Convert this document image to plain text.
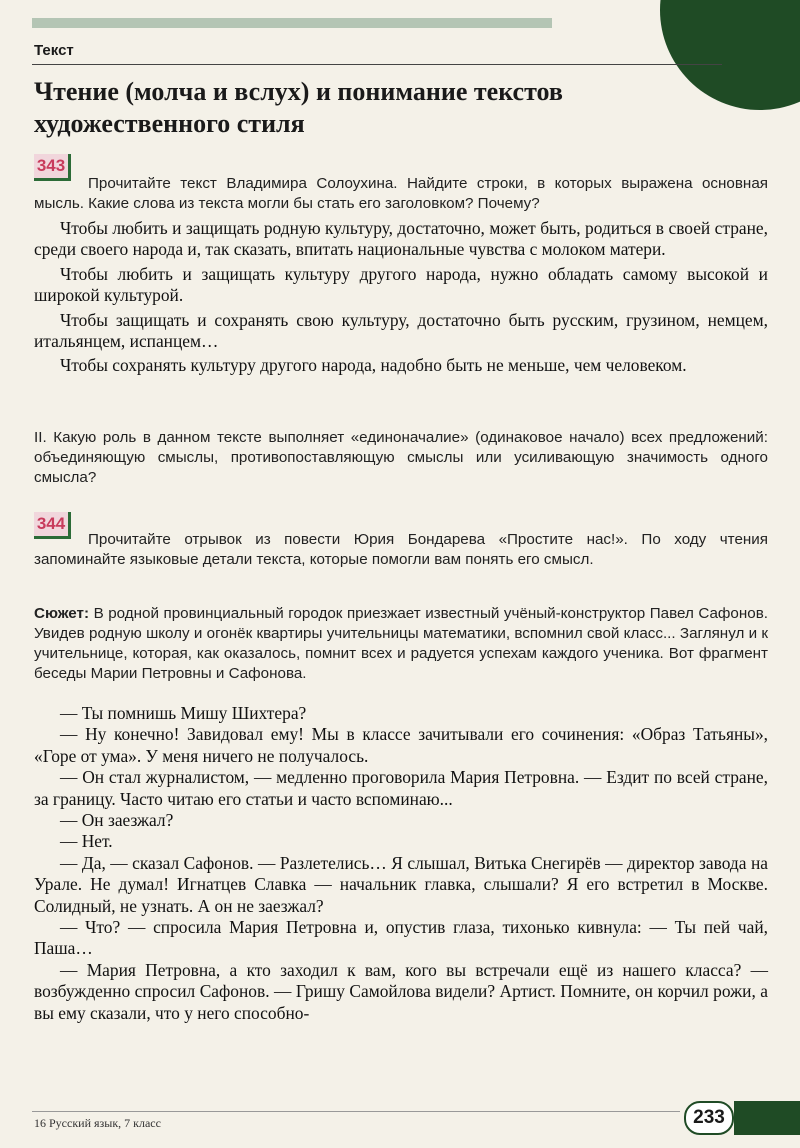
Текст
Чтение (молча и вслух) и понимание текстов художественного стиля
343

Прочитайте текст Владимира Солоухина. Найдите строки, в которых выражена основная мысль. Какие слова из текста могли бы стать его заголовком? Почему?

Чтобы любить и защищать родную культуру, достаточно, может быть, родиться в своей стране, среди своего народа и, так сказать, впитать национальные чувства с молоком матери.

Чтобы любить и защищать культуру другого народа, нужно обладать самому высокой и широкой культурой.

Чтобы защищать и сохранять свою культуру, достаточно быть русским, грузином, немцем, итальянцем, испанцем…

Чтобы сохранять культуру другого народа, надобно быть не меньше, чем человеком.

II. Какую роль в данном тексте выполняет «единоначалие» (одинаковое начало) всех предложений: объединяющую смыслы, противопоставляющую смыслы или усиливающую значимость одного смысла?
344

Прочитайте отрывок из повести Юрия Бондарева «Простите нас!». По ходу чтения запоминайте языковые детали текста, которые помогли вам понять его смысл.

Сюжет: В родной провинциальный городок приезжает известный учёный-конструктор Павел Сафонов. Увидев родную школу и огонёк квартиры учительницы математики, вспомнил свой класс... Заглянул и к учительнице, которая, как оказалось, помнит всех и радуется успехам каждого ученика. Вот фрагмент беседы Марии Петровны и Сафонова.

— Ты помнишь Мишу Шихтера?

— Ну конечно! Завидовал ему! Мы в классе зачитывали его сочинения: «Образ Татьяны», «Горе от ума». У меня ничего не получалось.

— Он стал журналистом, — медленно проговорила Мария Петровна. — Ездит по всей стране, за границу. Часто читаю его статьи и часто вспоминаю...

— Он заезжал?

— Нет.

— Да, — сказал Сафонов. — Разлетелись… Я слышал, Витька Снегирёв — директор завода на Урале. Не думал! Игнатцев Славка — начальник главка, слышали? Я его встретил в Москве. Солидный, не узнать. А он не заезжал?

— Что? — спросила Мария Петровна и, опустив глаза, тихонько кивнула: — Ты пей чай, Паша…

— Мария Петровна, а кто заходил к вам, кого вы встречали ещё из нашего класса? — возбужденно спросил Сафонов. — Гришу Самойлова видели? Артист. Помните, он корчил рожи, а вы ему сказали, что у него способно-

16 Русский язык, 7 класс	233
